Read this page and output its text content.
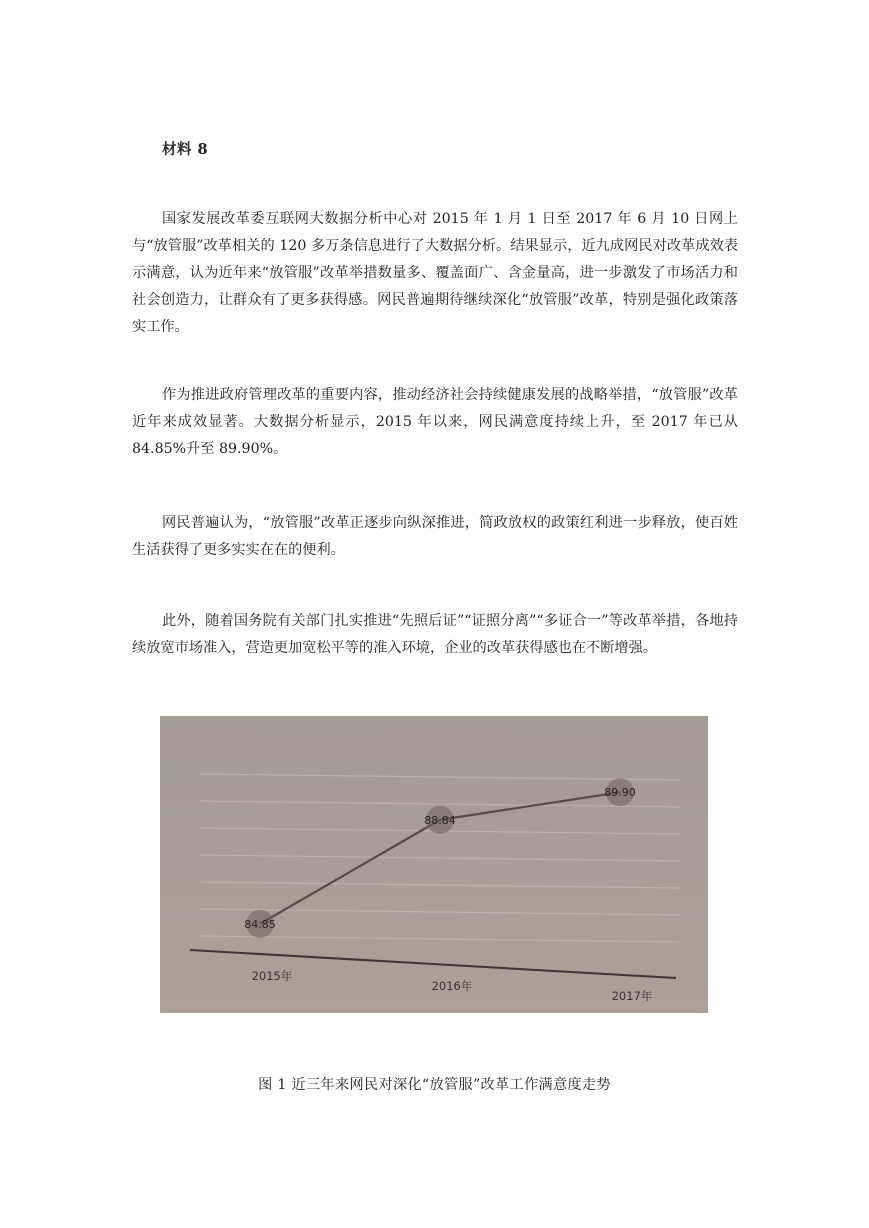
材料 8

国家发展改革委互联网大数据分析中心对 2015 年 1 月 1 日至 2017 年 6 月 10 日网上与“放管服”改革相关的 120 多万条信息进行了大数据分析。结果显示，近九成网民对改革成效表示满意，认为近年来“放管服”改革举措数量多、覆盖面广、含金量高，进一步激发了市场活力和社会创造力，让群众有了更多获得感。网民普遍期待继续深化“放管服”改革，特别是强化政策落实工作。

作为推进政府管理改革的重要内容，推动经济社会持续健康发展的战略举措，“放管服”改革近年来成效显著。大数据分析显示，2015 年以来，网民满意度持续上升，至 2017 年已从 84.85%升至 89.90%。

网民普遍认为，“放管服”改革正逐步向纵深推进，简政放权的政策红利进一步释放，使百姓生活获得了更多实实在在的便利。

此外，随着国务院有关部门扎实推进“先照后证”“证照分离”“多证合一”等改革举措，各地持续放宽市场准入，营造更加宽松平等的准入环境，企业的改革获得感也在不断增强。

84.85
88.84
89.90
2015年
2016年
2017年
图 1 近三年来网民对深化“放管服”改革工作满意度走势
